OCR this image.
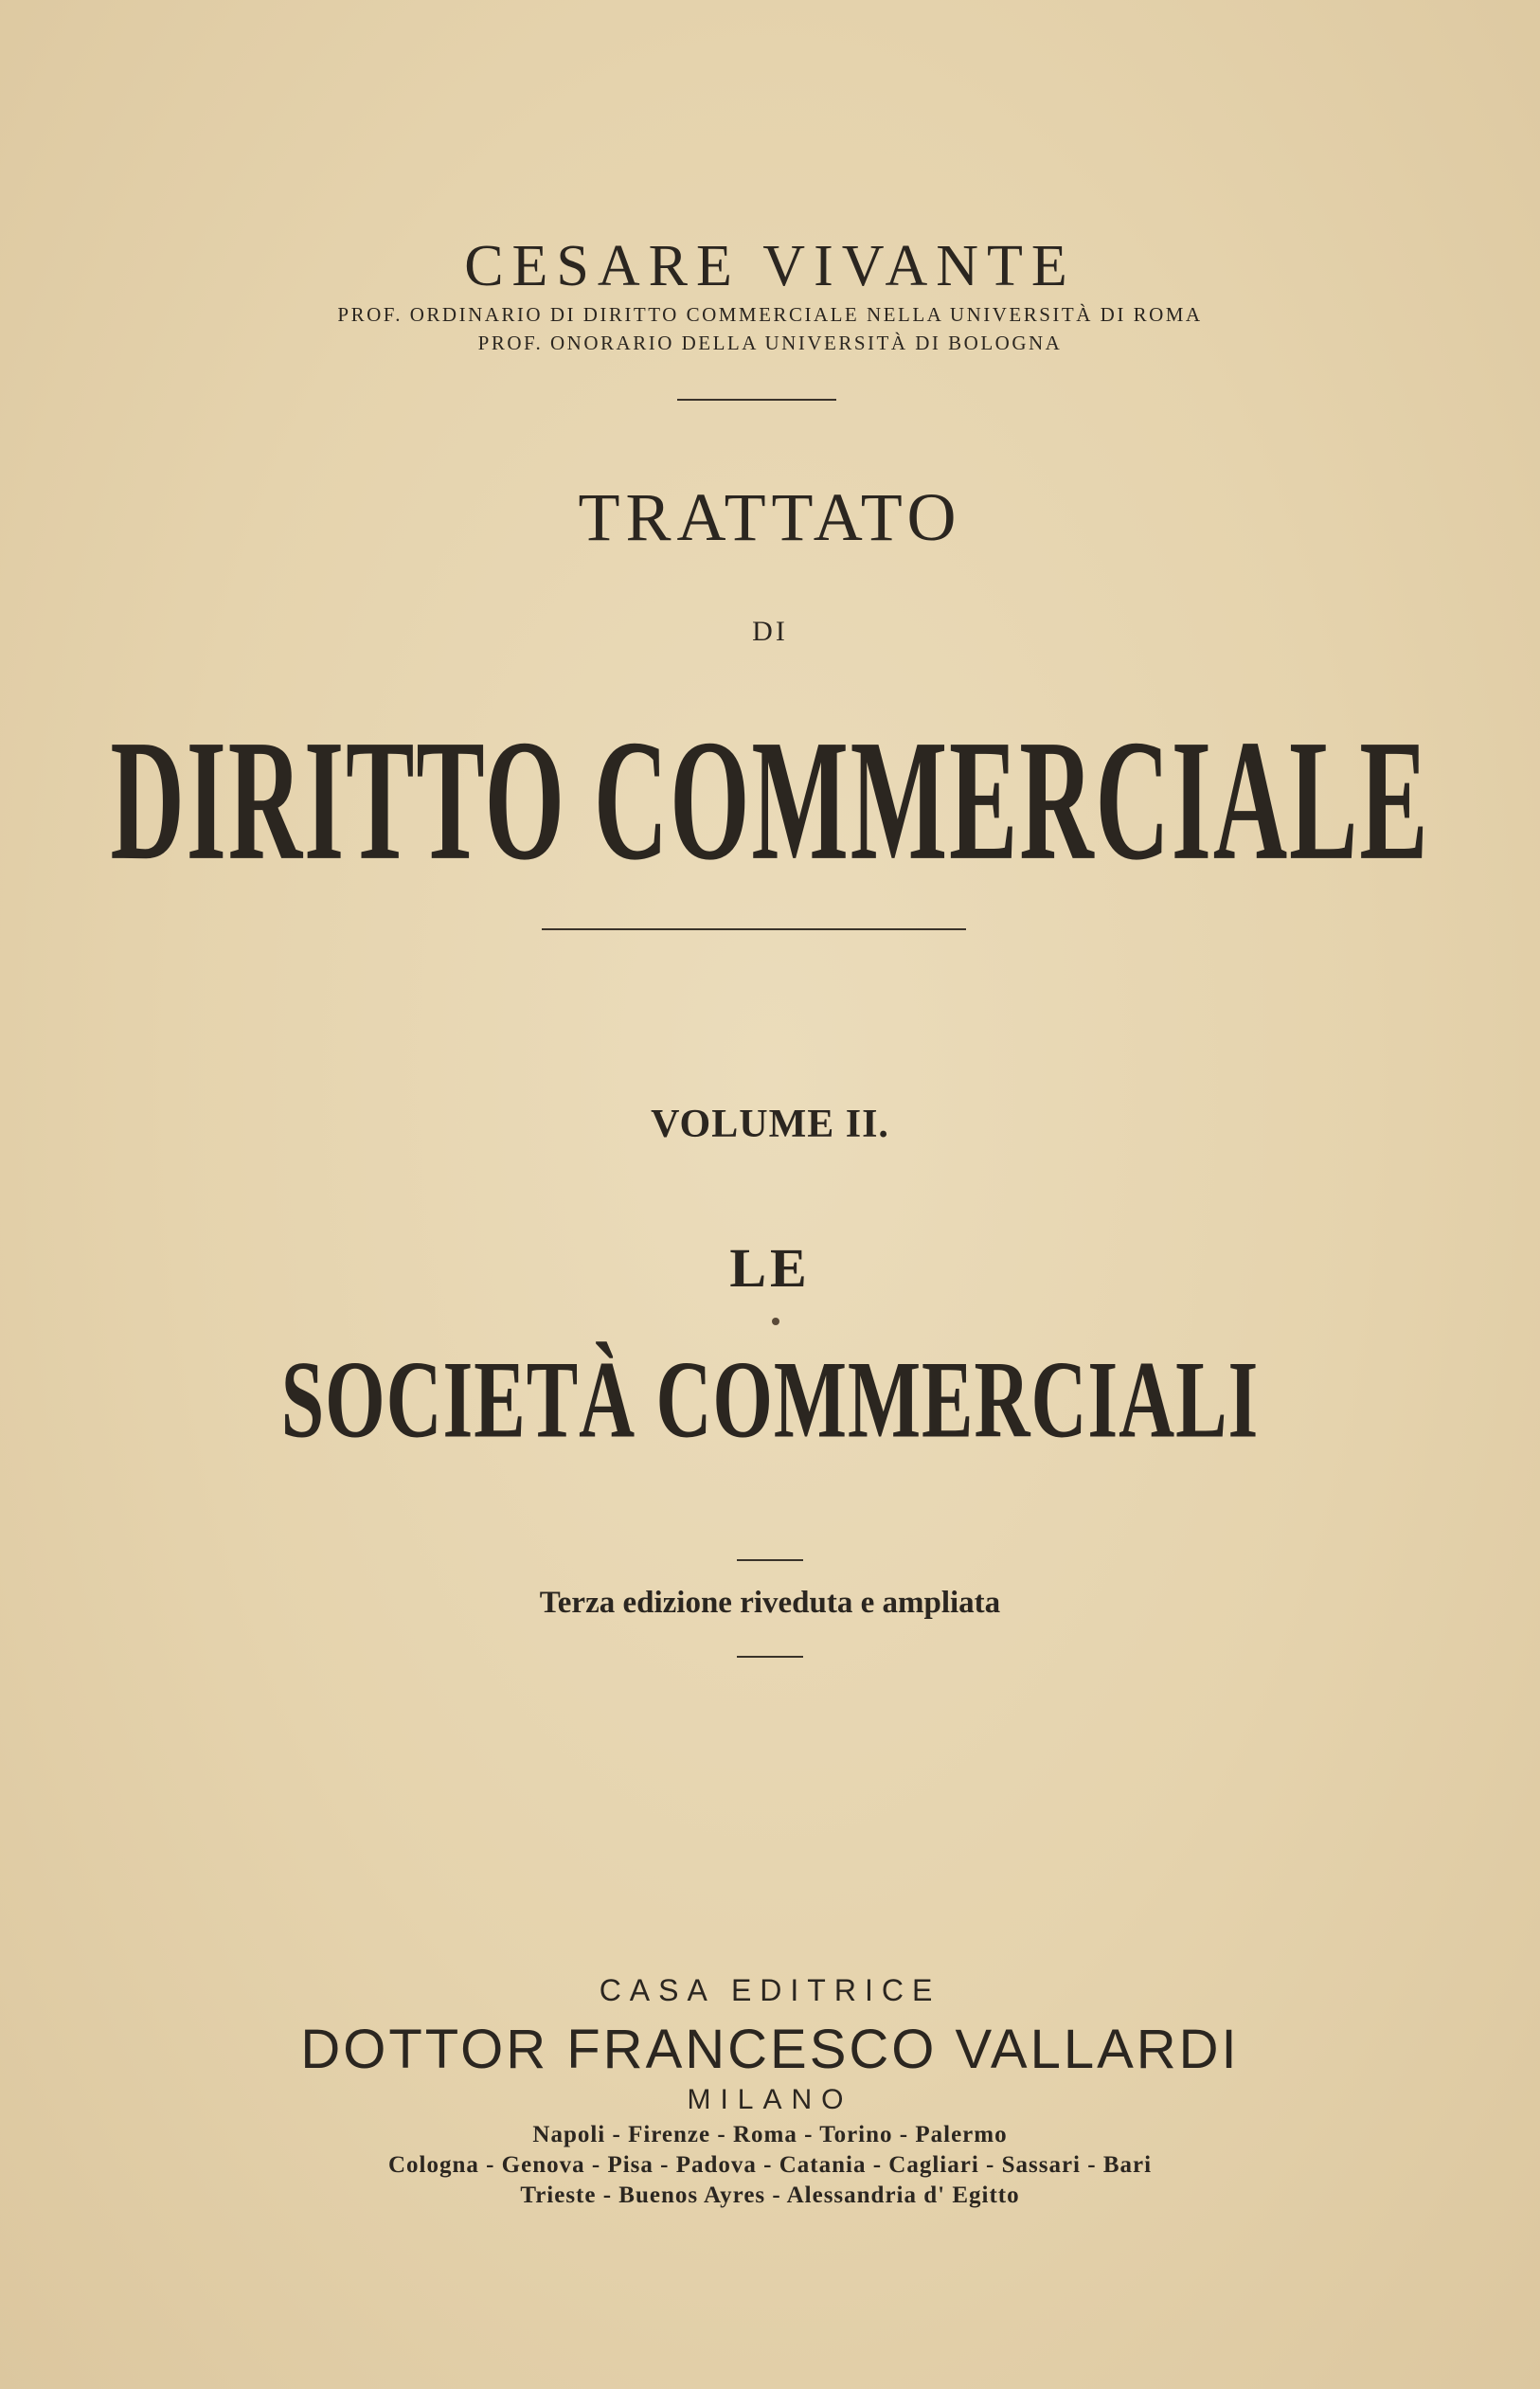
CESARE VIVANTE
PROF. ORDINARIO DI DIRITTO COMMERCIALE NELLA UNIVERSITÀ DI ROMA
PROF. ONORARIO DELLA UNIVERSITÀ DI BOLOGNA
TRATTATO
DI
DIRITTO COMMERCIALE
VOLUME II.
LE
SOCIETÀ COMMERCIALI
Terza edizione riveduta e ampliata
CASA EDITRICE
DOTTOR FRANCESCO VALLARDI
MILANO
Napoli - Firenze - Roma - Torino - Palermo
Cologna - Genova - Pisa - Padova - Catania - Cagliari - Sassari - Bari
Trieste - Buenos Ayres - Alessandria d' Egitto
